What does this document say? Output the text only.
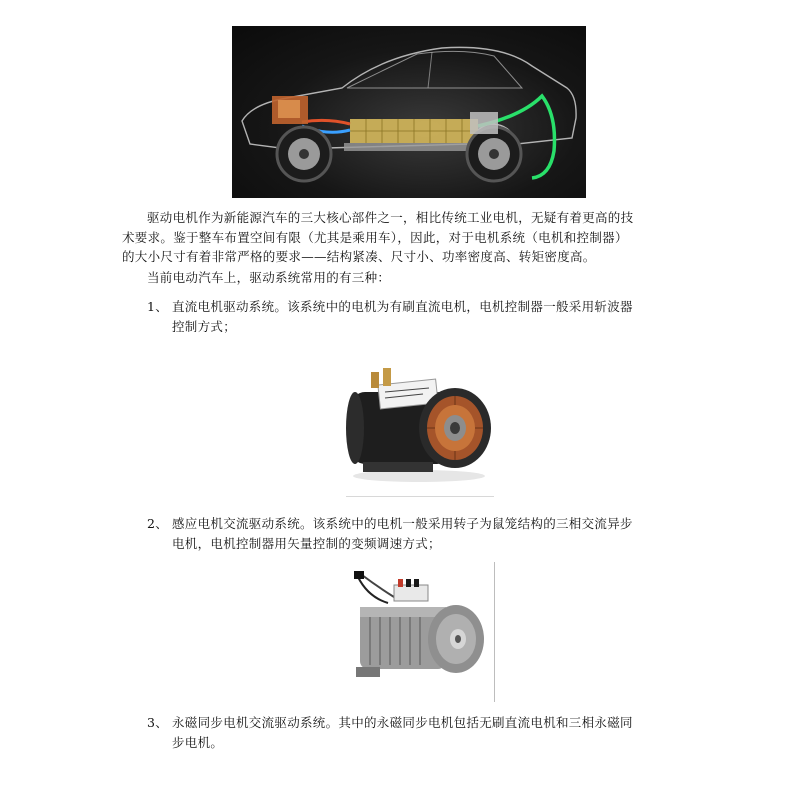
驱动电机作为新能源汽车的三大核心部件之一，相比传统工业电机，无疑有着更高的技
术要求。鉴于整车布置空间有限（尤其是乘用车），因此，对于电机系统（电机和控制器）
的大小尺寸有着非常严格的要求——结构紧凑、尺寸小、功率密度高、转矩密度高。

当前电动汽车上，驱动系统常用的有三种：

1、 直流电机驱动系统。该系统中的电机为有刷直流电机，电机控制器一般采用斩波器
控制方式；

2、 感应电机交流驱动系统。该系统中的电机一般采用转子为鼠笼结构的三相交流异步
电机，电机控制器用矢量控制的变频调速方式；

3、 永磁同步电机交流驱动系统。其中的永磁同步电机包括无刷直流电机和三相永磁同
步电机。
